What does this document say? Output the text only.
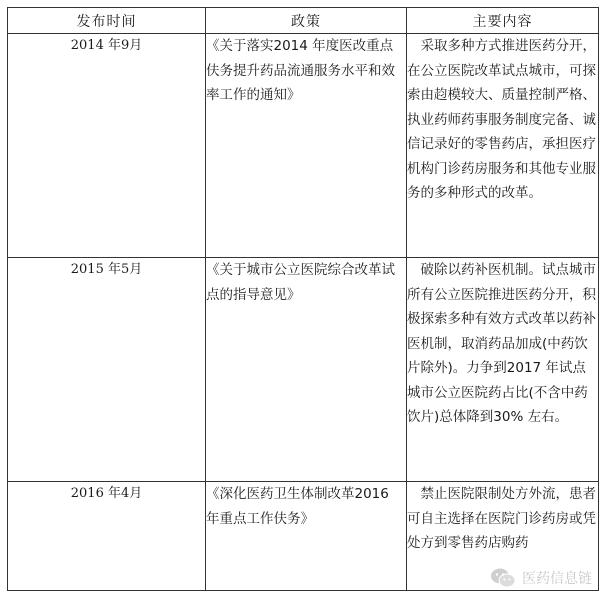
发布时间	政策	主要内容
2014 年9月	《关于落实2014 年度医改重点伕务提升药品流通服务水平和效率工作的通知》	采取多种方式推进医药分开，在公立医院改革试点城市，可探索由赹模较大、质量控制严格、执业药师药事服务制度完备、诚信记录好的零售药店，承担医疗机构门诊药房服务和其他专业服务的多种形式的改革。

2015 年5月	《关于城市公立医院综合改革试点的指导意见》	破除以药补医机制。试点城市所有公立医院推进医药分开，积极探索多种有效方式改革以药补医机制，取消药品加成(中药饮片除外)。力争到2017 年试点城市公立医院药占比(不含中药饮片)总体降到30% 左右。

2016 年4月	《深化医药卫生体制改革2016 年重点工作伕务》	禁止医院限制处方外流，患者可自主选择在医院门诊药房或凭处方到零售药店购药
医药信息链
